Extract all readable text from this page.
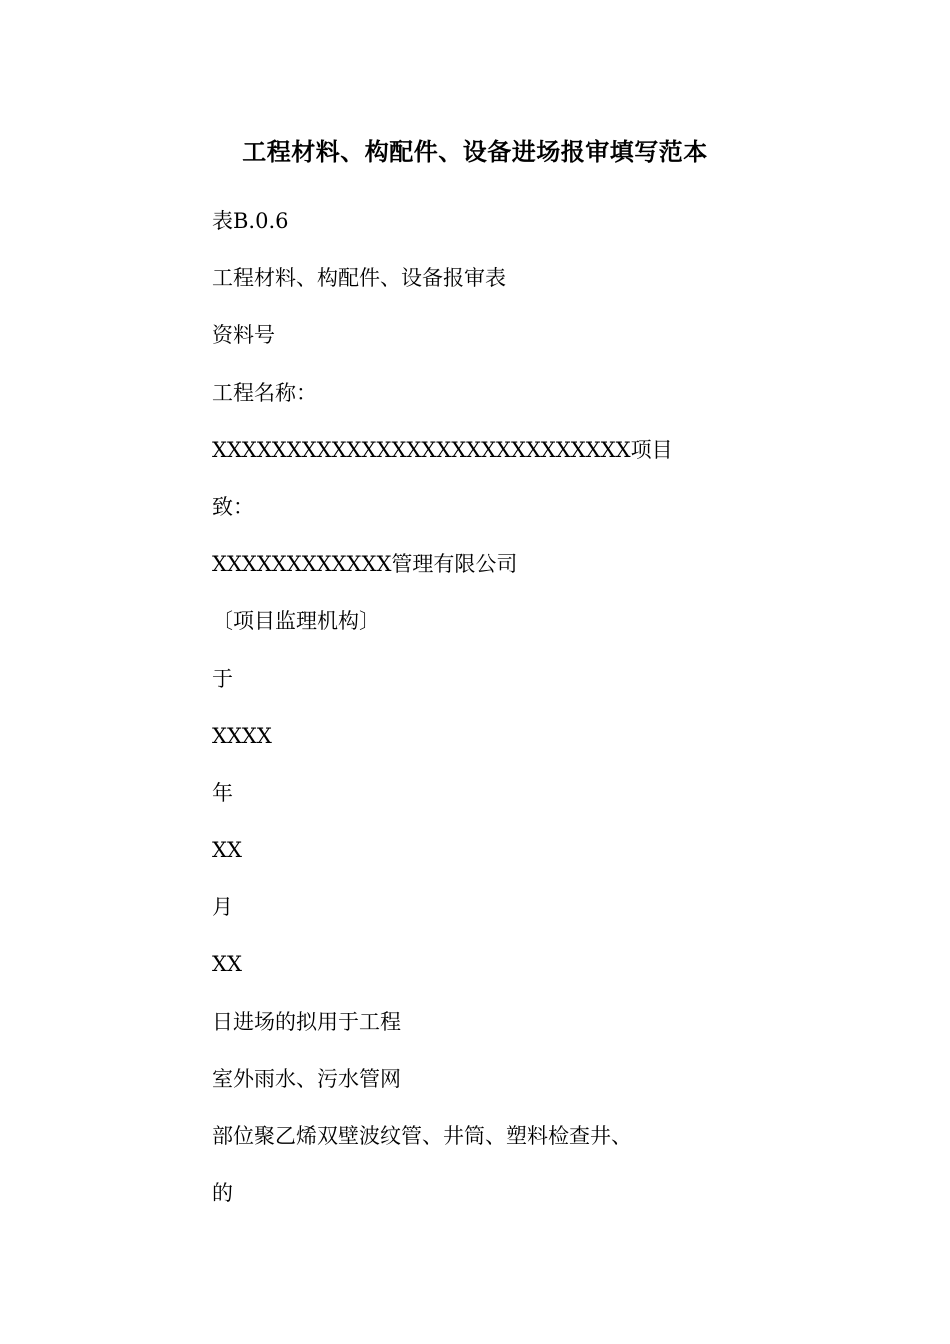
工程材料、构配件、设备进场报审填写范本
表B.0.6
工程材料、构配件、设备报审表
资料号
工程名称：
XXXXXXXXXXXXXXXXXXXXXXXXXXXX项目
致：
XXXXXXXXXXXX管理有限公司
〔项目监理机构〕
于
XXXX
年
XX
月
XX
日进场的拟用于工程
室外雨水、污水管网
部位聚乙烯双壁波纹管、井筒、塑料检查井、
的
